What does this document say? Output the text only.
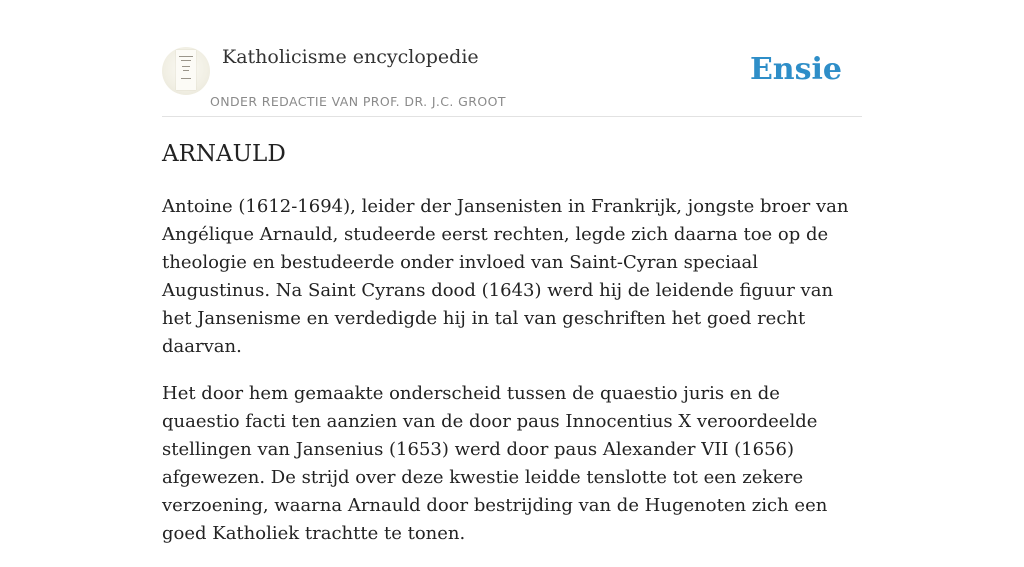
Katholicisme encyclopedie
ONDER REDACTIE VAN PROF. DR. J.C. GROOT
Ensie
ARNAULD

Antoine (1612-1694), leider der Jansenisten in Frankrijk, jongste broer van Angélique Arnauld, studeerde eerst rechten, legde zich daarna toe op de theologie en bestudeerde onder invloed van Saint-Cyran speciaal Augustinus. Na Saint Cyrans dood (1643) werd hij de leidende figuur van het Jansenisme en verdedigde hij in tal van geschriften het goed recht daarvan.

Het door hem gemaakte onderscheid tussen de quaestio juris en de quaestio facti ten aanzien van de door paus Innocentius X veroordeelde stellingen van Jansenius (1653) werd door paus Alexander VII (1656) afgewezen. De strijd over deze kwestie leidde tenslotte tot een zekere verzoening, waarna Arnauld door bestrijding van de Hugenoten zich een goed Katholiek trachtte te tonen.
